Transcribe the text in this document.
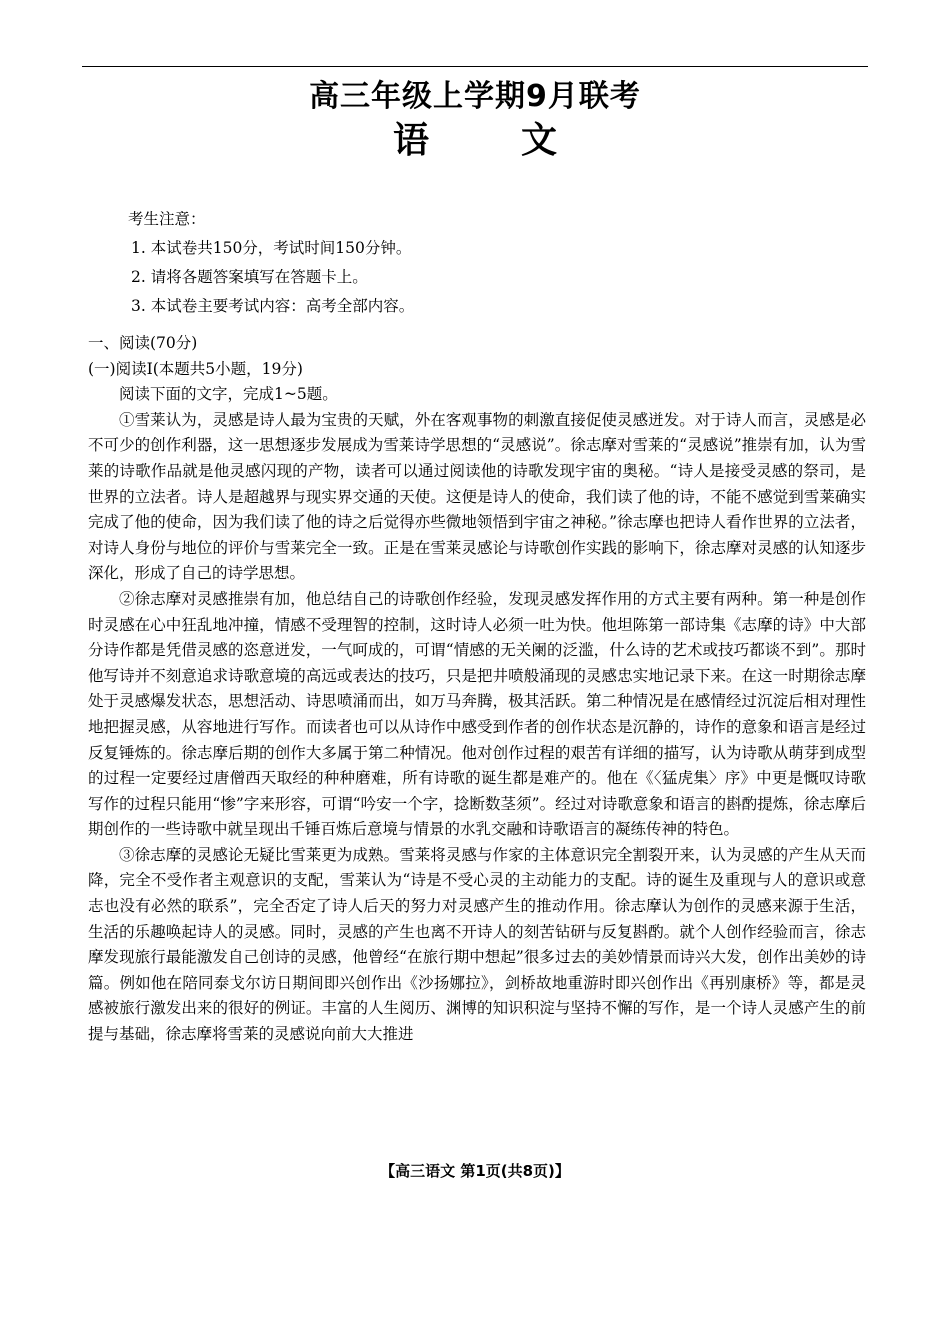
高三年级上学期9月联考
语	文
考生注意：
1. 本试卷共150分，考试时间150分钟。
2. 请将各题答案填写在答题卡上。
3. 本试卷主要考试内容：高考全部内容。
一、阅读(70分)
(一)阅读Ⅰ(本题共5小题，19分)

阅读下面的文字，完成1~5题。

①雪莱认为，灵感是诗人最为宝贵的天赋，外在客观事物的刺激直接促使灵感迸发。对于诗人而言，灵感是必不可少的创作利器，这一思想逐步发展成为雪莱诗学思想的“灵感说”。徐志摩对雪莱的“灵感说”推崇有加，认为雪莱的诗歌作品就是他灵感闪现的产物，读者可以通过阅读他的诗歌发现宇宙的奥秘。“诗人是接受灵感的祭司，是世界的立法者。诗人是超越界与现实界交通的天使。这便是诗人的使命，我们读了他的诗，不能不感觉到雪莱确实完成了他的使命，因为我们读了他的诗之后觉得亦些微地领悟到宇宙之神秘。”徐志摩也把诗人看作世界的立法者，对诗人身份与地位的评价与雪莱完全一致。正是在雪莱灵感论与诗歌创作实践的影响下，徐志摩对灵感的认知逐步深化，形成了自己的诗学思想。

②徐志摩对灵感推崇有加，他总结自己的诗歌创作经验，发现灵感发挥作用的方式主要有两种。第一种是创作时灵感在心中狂乱地冲撞，情感不受理智的控制，这时诗人必须一吐为快。他坦陈第一部诗集《志摩的诗》中大部分诗作都是凭借灵感的恣意迸发，一气呵成的，可谓“情感的无关阑的泛滥，什么诗的艺术或技巧都谈不到”。那时他写诗并不刻意追求诗歌意境的高远或表达的技巧，只是把井喷般涌现的灵感忠实地记录下来。在这一时期徐志摩处于灵感爆发状态，思想活动、诗思喷涌而出，如万马奔腾，极其活跃。第二种情况是在感情经过沉淀后相对理性地把握灵感，从容地进行写作。而读者也可以从诗作中感受到作者的创作状态是沉静的，诗作的意象和语言是经过反复锤炼的。徐志摩后期的创作大多属于第二种情况。他对创作过程的艰苦有详细的描写，认为诗歌从萌芽到成型的过程一定要经过唐僧西天取经的种种磨难，所有诗歌的诞生都是难产的。他在《〈猛虎集〉序》中更是慨叹诗歌写作的过程只能用“惨”字来形容，可谓“吟安一个字，捻断数茎须”。经过对诗歌意象和语言的斟酌提炼，徐志摩后期创作的一些诗歌中就呈现出千锤百炼后意境与情景的水乳交融和诗歌语言的凝练传神的特色。

③徐志摩的灵感论无疑比雪莱更为成熟。雪莱将灵感与作家的主体意识完全割裂开来，认为灵感的产生从天而降，完全不受作者主观意识的支配，雪莱认为“诗是不受心灵的主动能力的支配。诗的诞生及重现与人的意识或意志也没有必然的联系”，完全否定了诗人后天的努力对灵感产生的推动作用。徐志摩认为创作的灵感来源于生活，生活的乐趣唤起诗人的灵感。同时，灵感的产生也离不开诗人的刻苦钻研与反复斟酌。就个人创作经验而言，徐志摩发现旅行最能激发自己创诗的灵感，他曾经“在旅行期中想起”很多过去的美妙情景而诗兴大发，创作出美妙的诗篇。例如他在陪同泰戈尔访日期间即兴创作出《沙扬娜拉》，剑桥故地重游时即兴创作出《再别康桥》等，都是灵感被旅行激发出来的很好的例证。丰富的人生阅历、渊博的知识积淀与坚持不懈的写作，是一个诗人灵感产生的前提与基础，徐志摩将雪莱的灵感说向前大大推进

【高三语文 第1页(共8页)】
